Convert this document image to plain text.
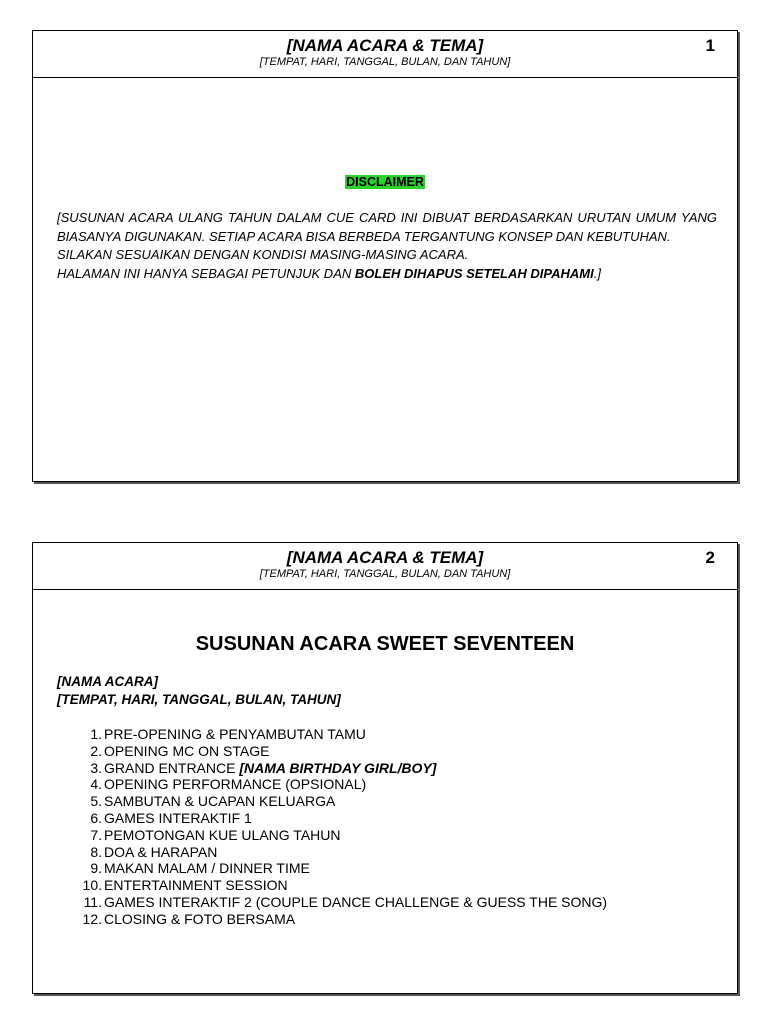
[NAMA ACARA & TEMA]
[TEMPAT, HARI, TANGGAL, BULAN, DAN TAHUN]
1
DISCLAIMER

[SUSUNAN ACARA ULANG TAHUN DALAM CUE CARD INI DIBUAT BERDASARKAN URUTAN UMUM YANG BIASANYA DIGUNAKAN. SETIAP ACARA BISA BERBEDA TERGANTUNG KONSEP DAN KEBUTUHAN.

SILAKAN SESUAIKAN DENGAN KONDISI MASING-MASING ACARA.

HALAMAN INI HANYA SEBAGAI PETUNJUK DAN BOLEH DIHAPUS SETELAH DIPAHAMI.]

[NAMA ACARA & TEMA]
[TEMPAT, HARI, TANGGAL, BULAN, DAN TAHUN]
2
SUSUNAN ACARA SWEET SEVENTEEN
[NAMA ACARA]
[TEMPAT, HARI, TANGGAL, BULAN, TAHUN]
1. PRE-OPENING & PENYAMBUTAN TAMU
2. OPENING MC ON STAGE
3. GRAND ENTRANCE [NAMA BIRTHDAY GIRL/BOY]
4. OPENING PERFORMANCE (OPSIONAL)
5. SAMBUTAN & UCAPAN KELUARGA
6. GAMES INTERAKTIF 1
7. PEMOTONGAN KUE ULANG TAHUN
8. DOA & HARAPAN
9. MAKAN MALAM / DINNER TIME
10. ENTERTAINMENT SESSION
11. GAMES INTERAKTIF 2 (COUPLE DANCE CHALLENGE & GUESS THE SONG)
12. CLOSING & FOTO BERSAMA
